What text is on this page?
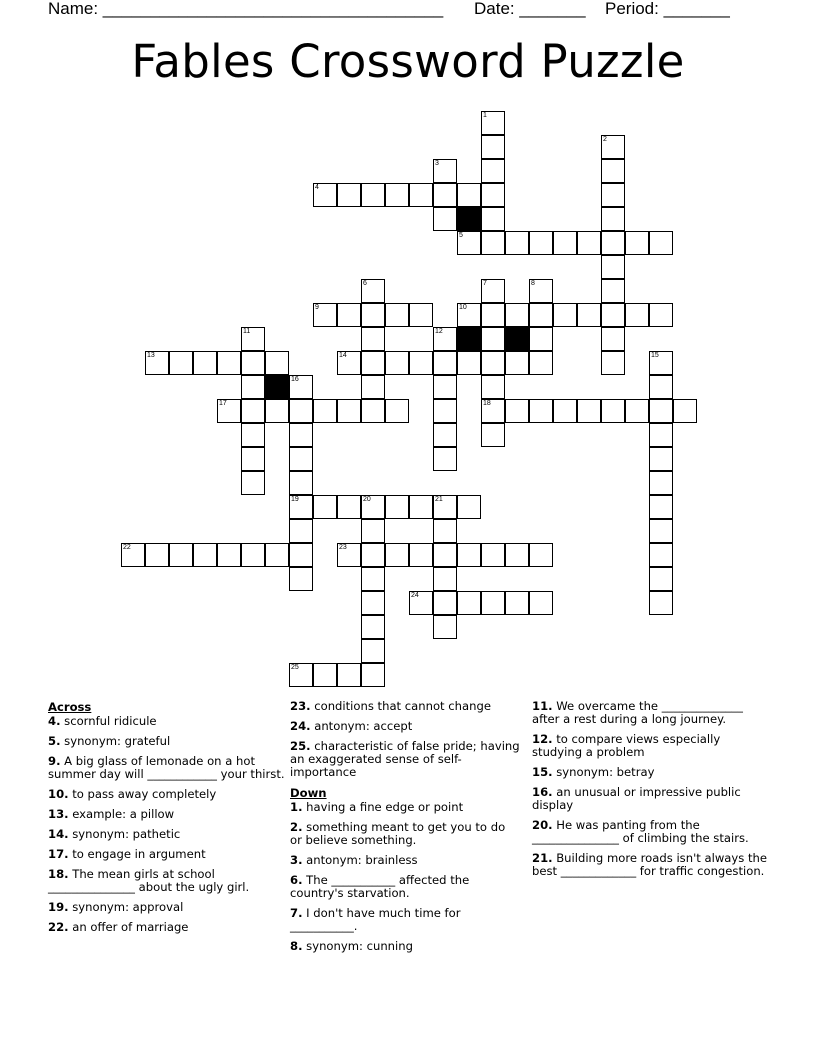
Name: ____________________________________ Date: _______ Period: _______
Fables Crossword Puzzle
1
2
3
4
5
6	7
18
8
9	10
11	12
13	14	15
16
19
17
20	21
22	23
24
25
Across
4. scornful ridicule
5. synonym: grateful
9. A big glass of lemonade on a hot summer day will ____________ your thirst.
10. to pass away completely
13. example: a pillow
14. synonym: pathetic
17. to engage in argument
18. The mean girls at school _______________ about the ugly girl.
19. synonym: approval
22. an offer of marriage
23. conditions that cannot change
24. antonym: accept
25. characteristic of false pride; having an exaggerated sense of self-importance
Down
1. having a fine edge or point
2. something meant to get you to do or believe something.
3. antonym: brainless
6. The ___________ affected the country's starvation.
7. I don't have much time for ___________.
8. synonym: cunning
11. We overcame the ______________ after a rest during a long journey.
12. to compare views especially studying a problem
15. synonym: betray
16. an unusual or impressive public display
20. He was panting from the _______________ of climbing the stairs.
21. Building more roads isn't always the best _____________ for traffic congestion.
